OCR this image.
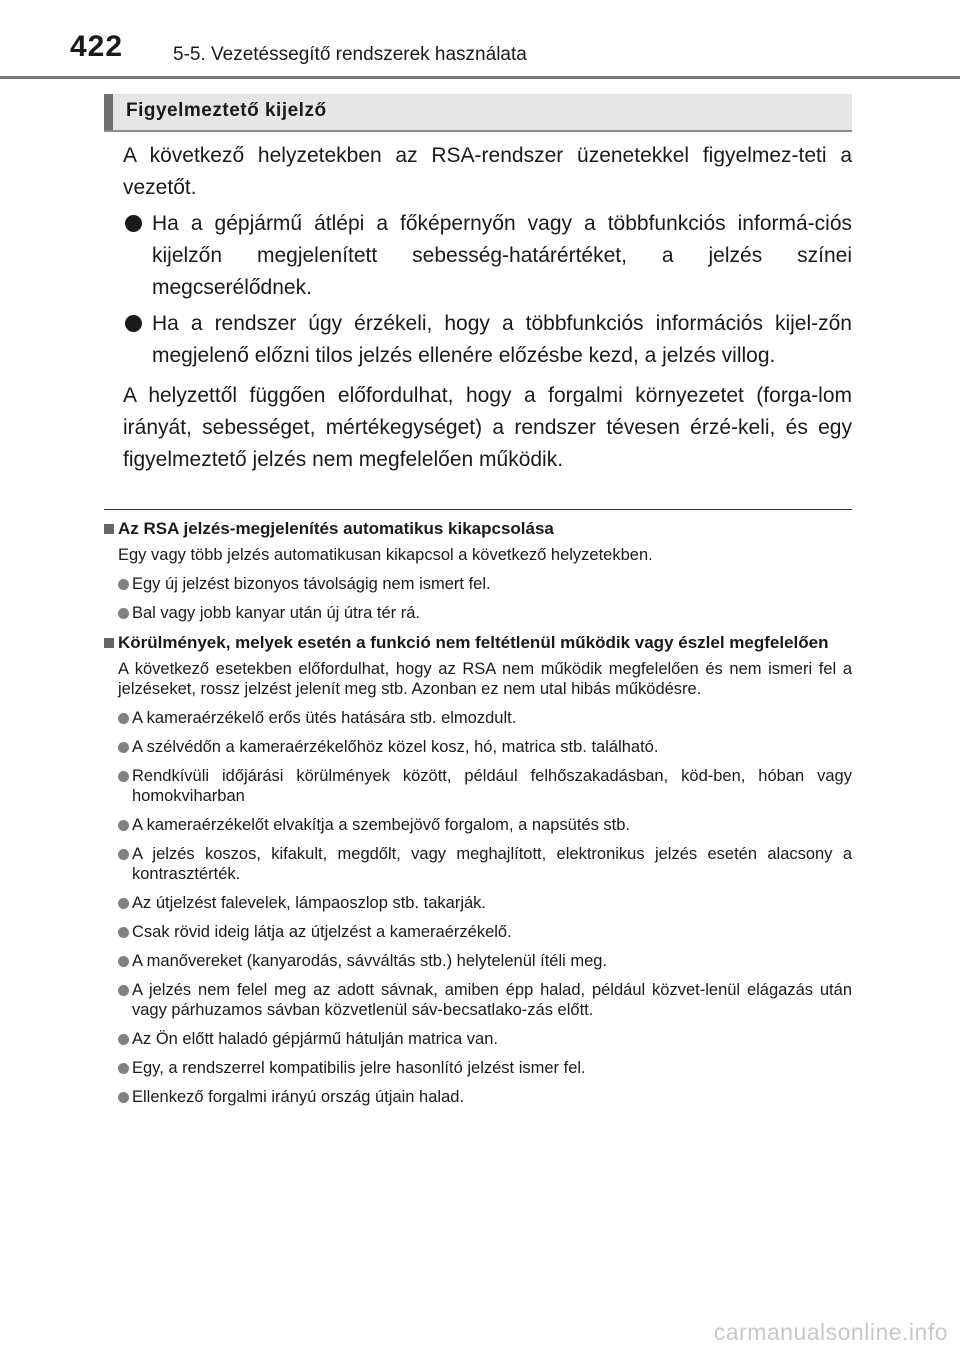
422	5-5. Vezetéssegítő rendszerek használata
Figyelmeztető kijelző

A következő helyzetekben az RSA-rendszer üzenetekkel figyelmez-teti a vezetőt.

Ha a gépjármű átlépi a főképernyőn vagy a többfunkciós informá-ciós kijelzőn megjelenített sebesség-határértéket, a jelzés színei megcserélődnek.
Ha a rendszer úgy érzékeli, hogy a többfunkciós információs kijel-zőn megjelenő előzni tilos jelzés ellenére előzésbe kezd, a jelzés villog.

A helyzettől függően előfordulhat, hogy a forgalmi környezetet (forga-lom irányát, sebességet, mértékegységet) a rendszer tévesen érzé-keli, és egy figyelmeztető jelzés nem megfelelően működik.

Az RSA jelzés-megjelenítés automatikus kikapcsolása

Egy vagy több jelzés automatikusan kikapcsol a következő helyzetekben.

Egy új jelzést bizonyos távolságig nem ismert fel.
Bal vagy jobb kanyar után új útra tér rá.
Körülmények, melyek esetén a funkció nem feltétlenül működik vagy észlel megfelelően

A következő esetekben előfordulhat, hogy az RSA nem működik megfelelően és nem ismeri fel a jelzéseket, rossz jelzést jelenít meg stb. Azonban ez nem utal hibás működésre.

A kameraérzékelő erős ütés hatására stb. elmozdult.
A szélvédőn a kameraérzékelőhöz közel kosz, hó, matrica stb. található.
Rendkívüli időjárási körülmények között, például felhőszakadásban, köd-ben, hóban vagy homokviharban
A kameraérzékelőt elvakítja a szembejövő forgalom, a napsütés stb.
A jelzés koszos, kifakult, megdőlt, vagy meghajlított, elektronikus jelzés esetén alacsony a kontrasztérték.
Az útjelzést falevelek, lámpaoszlop stb. takarják.
Csak rövid ideig látja az útjelzést a kameraérzékelő.
A manővereket (kanyarodás, sávváltás stb.) helytelenül ítéli meg.
A jelzés nem felel meg az adott sávnak, amiben épp halad, például közvet-lenül elágazás után vagy párhuzamos sávban közvetlenül sáv-becsatlako-zás előtt.
Az Ön előtt haladó gépjármű hátulján matrica van.
Egy, a rendszerrel kompatibilis jelre hasonlító jelzést ismer fel.
Ellenkező forgalmi irányú ország útjain halad.
carmanualsonline.info
